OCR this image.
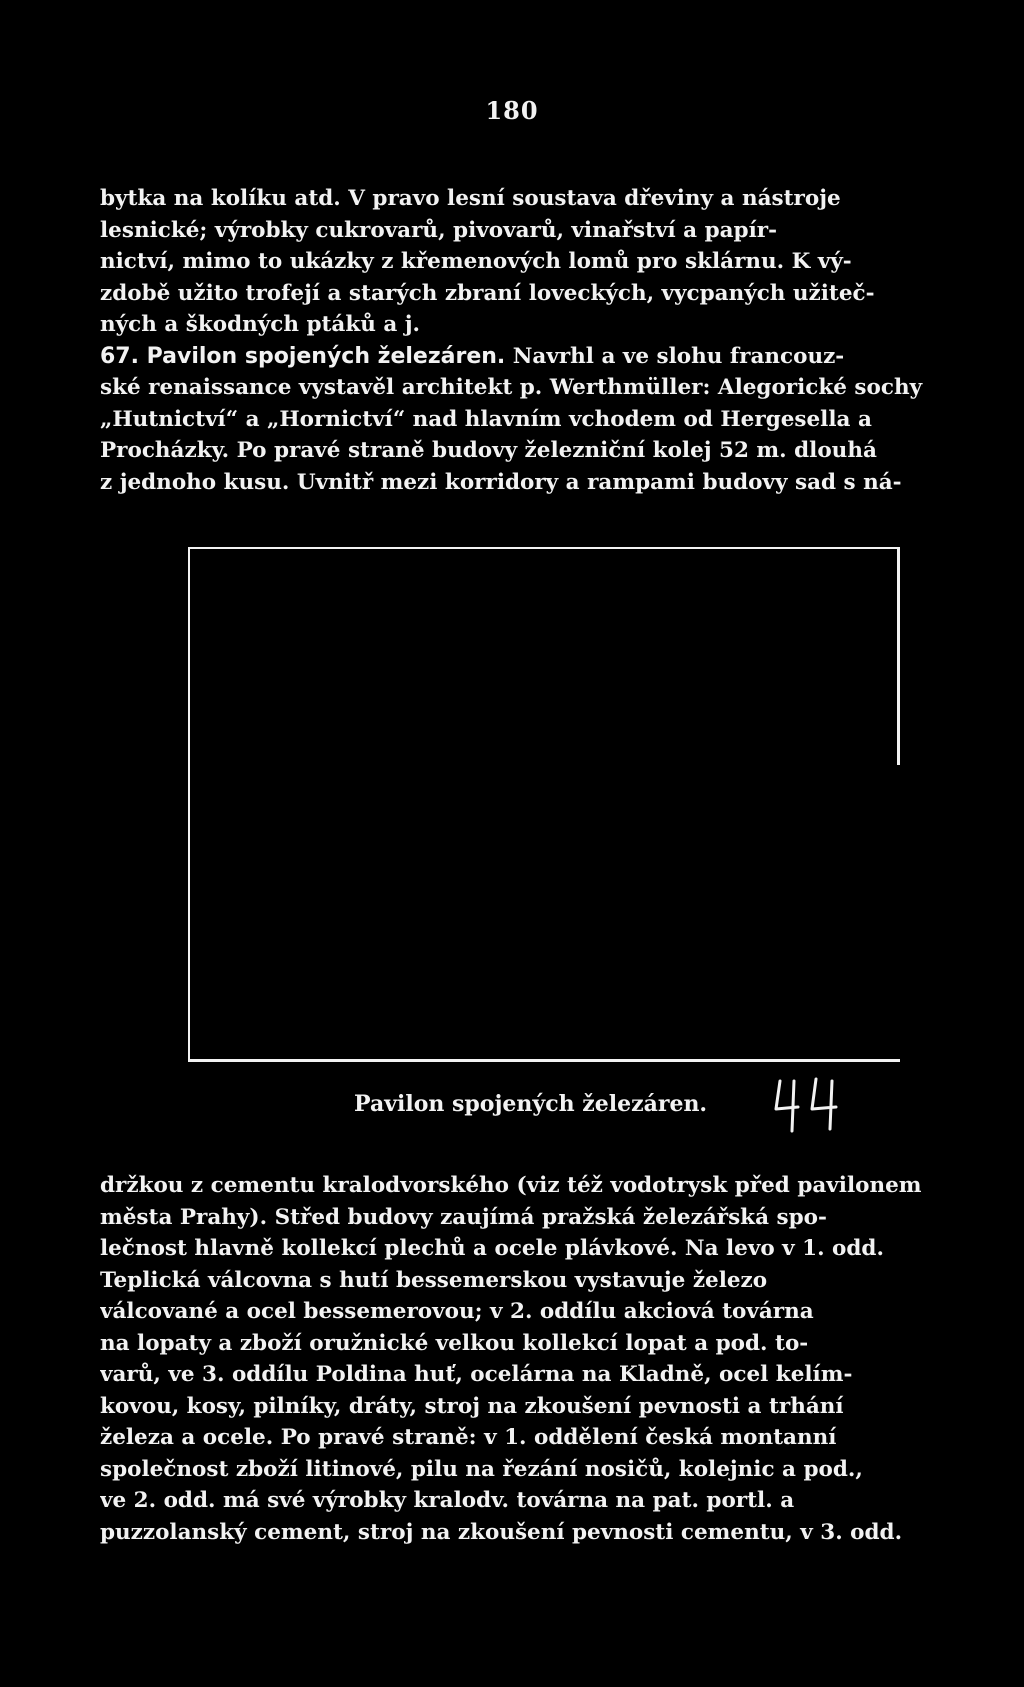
180
bytka na kolíku atd. V pravo lesní soustava dřeviny a nástroje
lesnické; výrobky cukrovarů, pivovarů, vinařství a papír-
nictví, mimo to ukázky z křemenových lomů pro sklárnu. K vý-
zdobě užito trofejí a starých zbraní loveckých, vycpaných užiteč-
ných a škodných ptáků a j.
67. Pavilon spojených železáren. Navrhl a ve slohu francouz-
ské renaissance vystavěl architekt p. Werthmüller: Alegorické sochy
„Hutnictví“ a „Hornictví“ nad hlavním vchodem od Hergesella a
Procházky. Po pravé straně budovy železniční kolej 52 m. dlouhá
z jednoho kusu. Uvnitř mezi korridory a rampami budovy sad s ná-
Pavilon spojených železáren.
držkou z cementu kralodvorského (viz též vodotrysk před pavilonem
města Prahy). Střed budovy zaujímá pražská železářská spo-
lečnost hlavně kollekcí plechů a ocele plávkové. Na levo v 1. odd.
Teplická válcovna s hutí bessemerskou vystavuje železo
válcované a ocel bessemerovou; v 2. oddílu akciová továrna
na lopaty a zboží oružnické velkou kollekcí lopat a pod. to-
varů, ve 3. oddílu Poldina huť, ocelárna na Kladně, ocel kelím-
kovou, kosy, pilníky, dráty, stroj na zkoušení pevnosti a trhání
železa a ocele. Po pravé straně: v 1. oddělení česká montanní
společnost zboží litinové, pilu na řezání nosičů, kolejnic a pod.,
ve 2. odd. má své výrobky kralodv. továrna na pat. portl. a
puzzolanský cement, stroj na zkoušení pevnosti cementu, v 3. odd.
